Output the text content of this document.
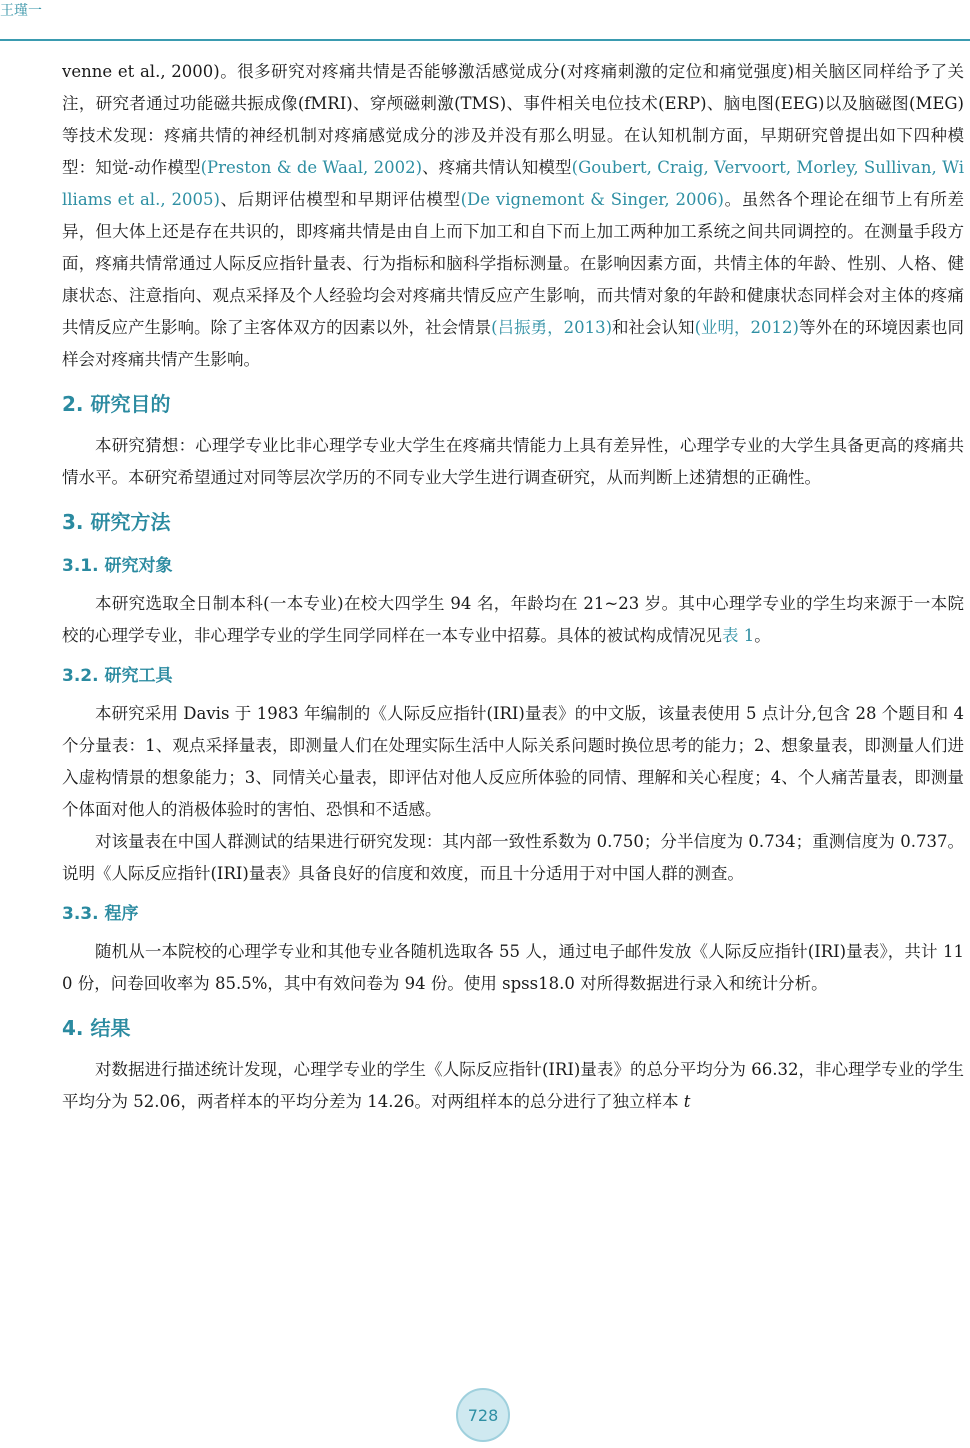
王瑾一

venne et al., 2000)。很多研究对疼痛共情是否能够激活感觉成分(对疼痛刺激的定位和痛觉强度)相关脑区同样给予了关注，研究者通过功能磁共振成像(fMRI)、穿颅磁刺激(TMS)、事件相关电位技术(ERP)、脑电图(EEG)以及脑磁图(MEG)等技术发现：疼痛共情的神经机制对疼痛感觉成分的涉及并没有那么明显。在认知机制方面，早期研究曾提出如下四种模型：知觉-动作模型(Preston & de Waal, 2002)、疼痛共情认知模型(Goubert, Craig, Vervoort, Morley, Sullivan, Williams et al., 2005)、后期评估模型和早期评估模型(De vignemont & Singer, 2006)。虽然各个理论在细节上有所差异，但大体上还是存在共识的，即疼痛共情是由自上而下加工和自下而上加工两种加工系统之间共同调控的。在测量手段方面，疼痛共情常通过人际反应指针量表、行为指标和脑科学指标测量。在影响因素方面，共情主体的年龄、性别、人格、健康状态、注意指向、观点采择及个人经验均会对疼痛共情反应产生影响，而共情对象的年龄和健康状态同样会对主体的疼痛共情反应产生影响。除了主客体双方的因素以外，社会情景(吕振勇，2013)和社会认知(业明，2012)等外在的环境因素也同样会对疼痛共情产生影响。

2. 研究目的

本研究猜想：心理学专业比非心理学专业大学生在疼痛共情能力上具有差异性，心理学专业的大学生具备更高的疼痛共情水平。本研究希望通过对同等层次学历的不同专业大学生进行调查研究，从而判断上述猜想的正确性。

3. 研究方法
3.1. 研究对象

本研究选取全日制本科(一本专业)在校大四学生 94 名，年龄均在 21~23 岁。其中心理学专业的学生均来源于一本院校的心理学专业，非心理学专业的学生同学同样在一本专业中招募。具体的被试构成情况见表 1。

3.2. 研究工具

本研究采用 Davis 于 1983 年编制的《人际反应指针(IRI)量表》的中文版，该量表使用 5 点计分,包含 28 个题目和 4 个分量表：1、观点采择量表，即测量人们在处理实际生活中人际关系问题时换位思考的能力；2、想象量表，即测量人们进入虚构情景的想象能力；3、同情关心量表，即评估对他人反应所体验的同情、理解和关心程度；4、个人痛苦量表，即测量个体面对他人的消极体验时的害怕、恐惧和不适感。

对该量表在中国人群测试的结果进行研究发现：其内部一致性系数为 0.750；分半信度为 0.734；重测信度为 0.737。说明《人际反应指针(IRI)量表》具备良好的信度和效度，而且十分适用于对中国人群的测查。

3.3. 程序

随机从一本院校的心理学专业和其他专业各随机选取各 55 人，通过电子邮件发放《人际反应指针(IRI)量表》，共计 110 份，问卷回收率为 85.5%，其中有效问卷为 94 份。使用 spss18.0 对所得数据进行录入和统计分析。

4. 结果

对数据进行描述统计发现，心理学专业的学生《人际反应指针(IRI)量表》的总分平均分为 66.32，非心理学专业的学生平均分为 52.06，两者样本的平均分差为 14.26。对两组样本的总分进行了独立样本 t

728
